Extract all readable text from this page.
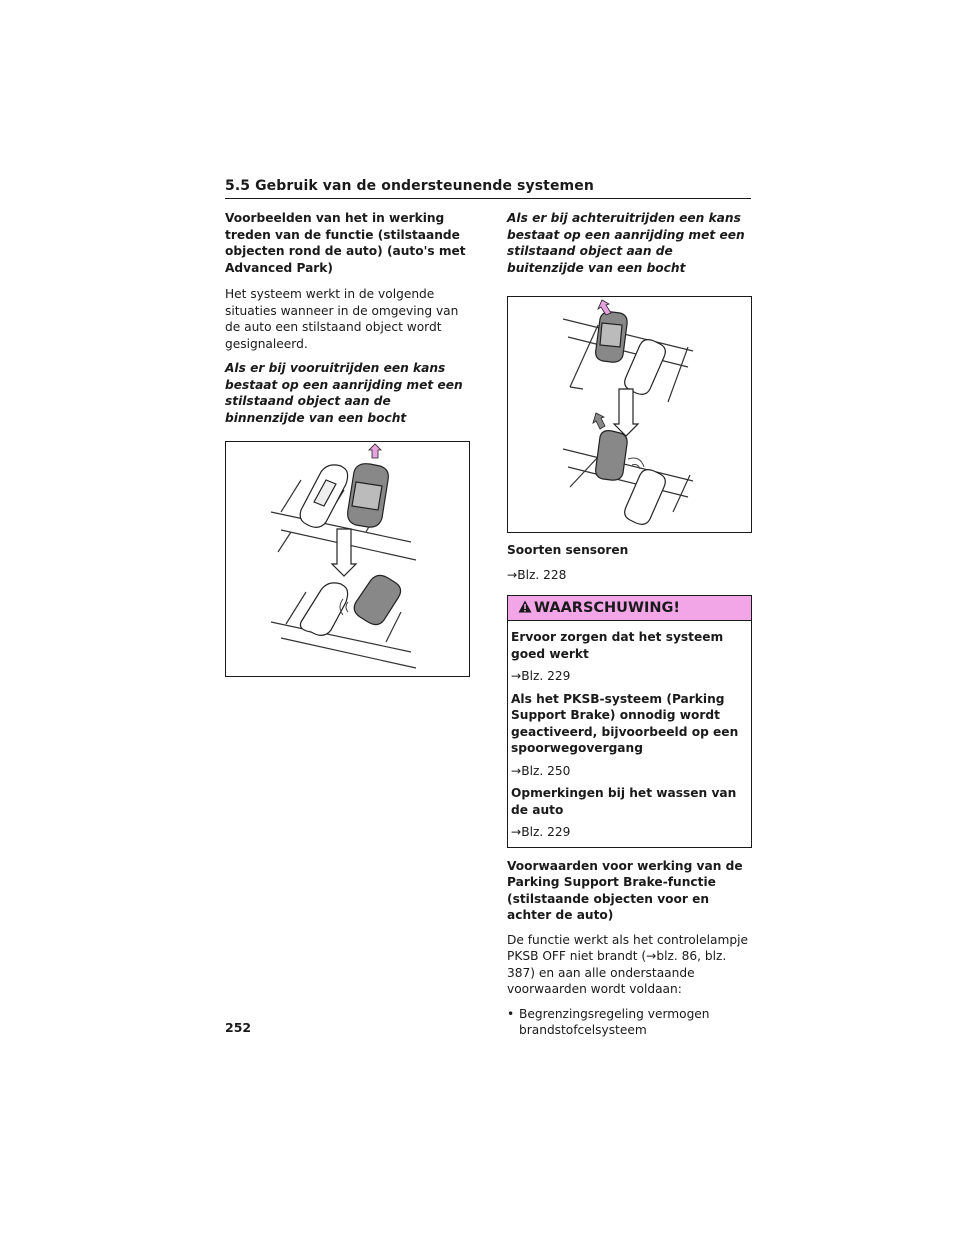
5.5 Gebruik van de ondersteunende systemen

Voorbeelden van het in werking treden van de functie (stilstaande objecten rond de auto) (auto's met Advanced Park)

Het systeem werkt in de volgende situaties wanneer in de omgeving van de auto een stilstaand object wordt gesignaleerd.

Als er bij vooruitrijden een kans bestaat op een aanrijding met een stilstaand object aan de binnenzijde van een bocht

Als er bij achteruitrijden een kans bestaat op een aanrijding met een stilstaand object aan de buitenzijde van een bocht

Soorten sensoren

→Blz. 228

WAARSCHUWING!

Ervoor zorgen dat het systeem goed werkt

→Blz. 229

Als het PKSB-systeem (Parking Support Brake) onnodig wordt geactiveerd, bijvoorbeeld op een spoorwegovergang

→Blz. 250

Opmerkingen bij het wassen van de auto

→Blz. 229

Voorwaarden voor werking van de Parking Support Brake-functie (stilstaande objecten voor en achter de auto)

De functie werkt als het controlelampje PKSB OFF niet brandt (→blz. 86, blz. 387) en aan alle onderstaande voorwaarden wordt voldaan:

• Begrenzingsregeling vermogen brandstofcelsysteem
252
